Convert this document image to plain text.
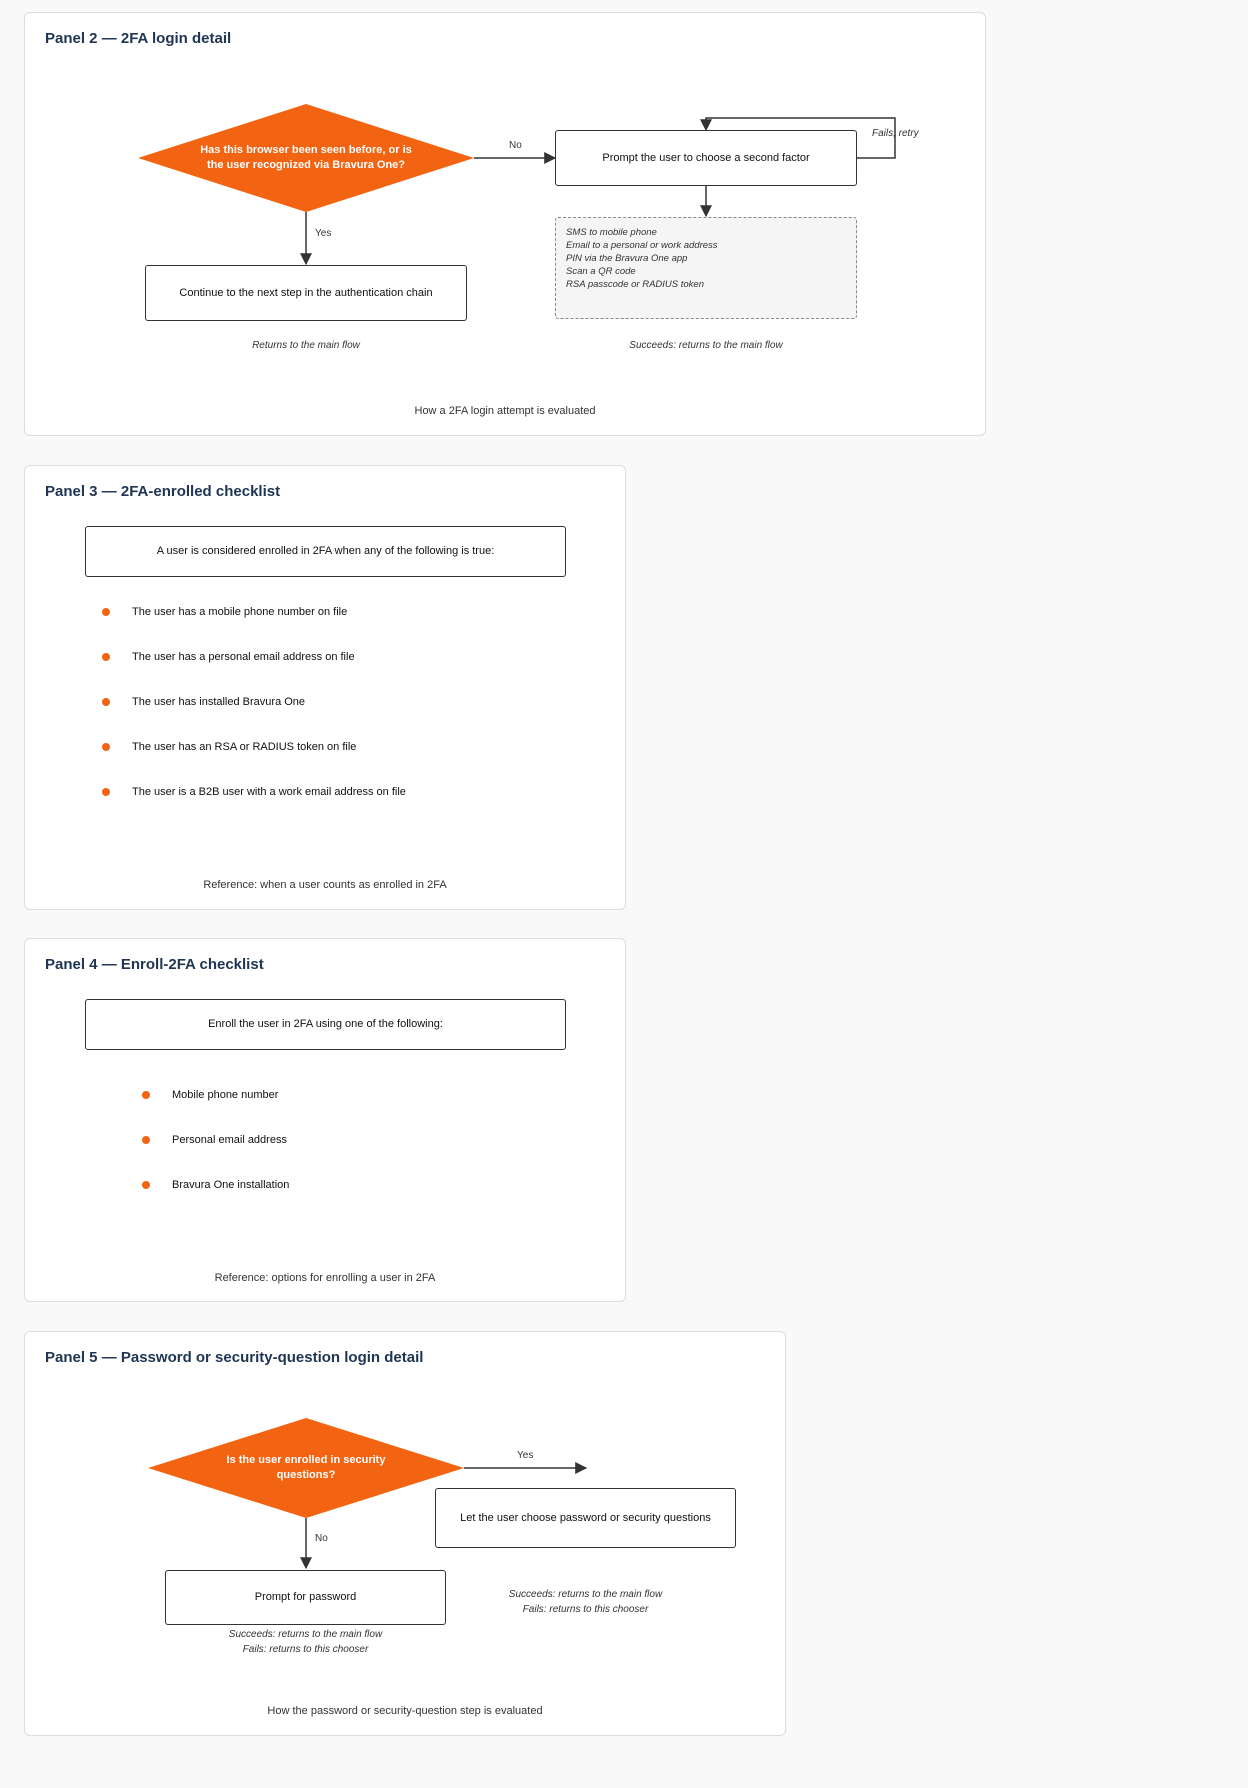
Panel 2 — 2FA login detail
Has this browser been seen before, or is the user recognized via Bravura One?
No
Yes
Fails; retry
Continue to the next step in the authentication chain
Prompt the user to choose a second factor
SMS to mobile phone
Email to a personal or work address
PIN via the Bravura One app
Scan a QR code
RSA passcode or RADIUS token
Returns to the main flow	Succeeds: returns to the main flow
How a 2FA login attempt is evaluated
Panel 3 — 2FA-enrolled checklist
A user is considered enrolled in 2FA when any of the following is true:
The user has a mobile phone number on file
The user has a personal email address on file
The user has installed Bravura One
The user has an RSA or RADIUS token on file
The user is a B2B user with a work email address on file
Reference: when a user counts as enrolled in 2FA
Panel 4 — Enroll-2FA checklist
Enroll the user in 2FA using one of the following:
Mobile phone number
Personal email address
Bravura One installation
Reference: options for enrolling a user in 2FA
Panel 5 — Password or security-question login detail
Is the user enrolled in security questions?
Yes
No
Let the user choose password or security questions
Prompt for password	Succeeds: returns to the main flow
Fails: returns to this chooser
Succeeds: returns to the main flow
Fails: returns to this chooser
How the password or security-question step is evaluated
